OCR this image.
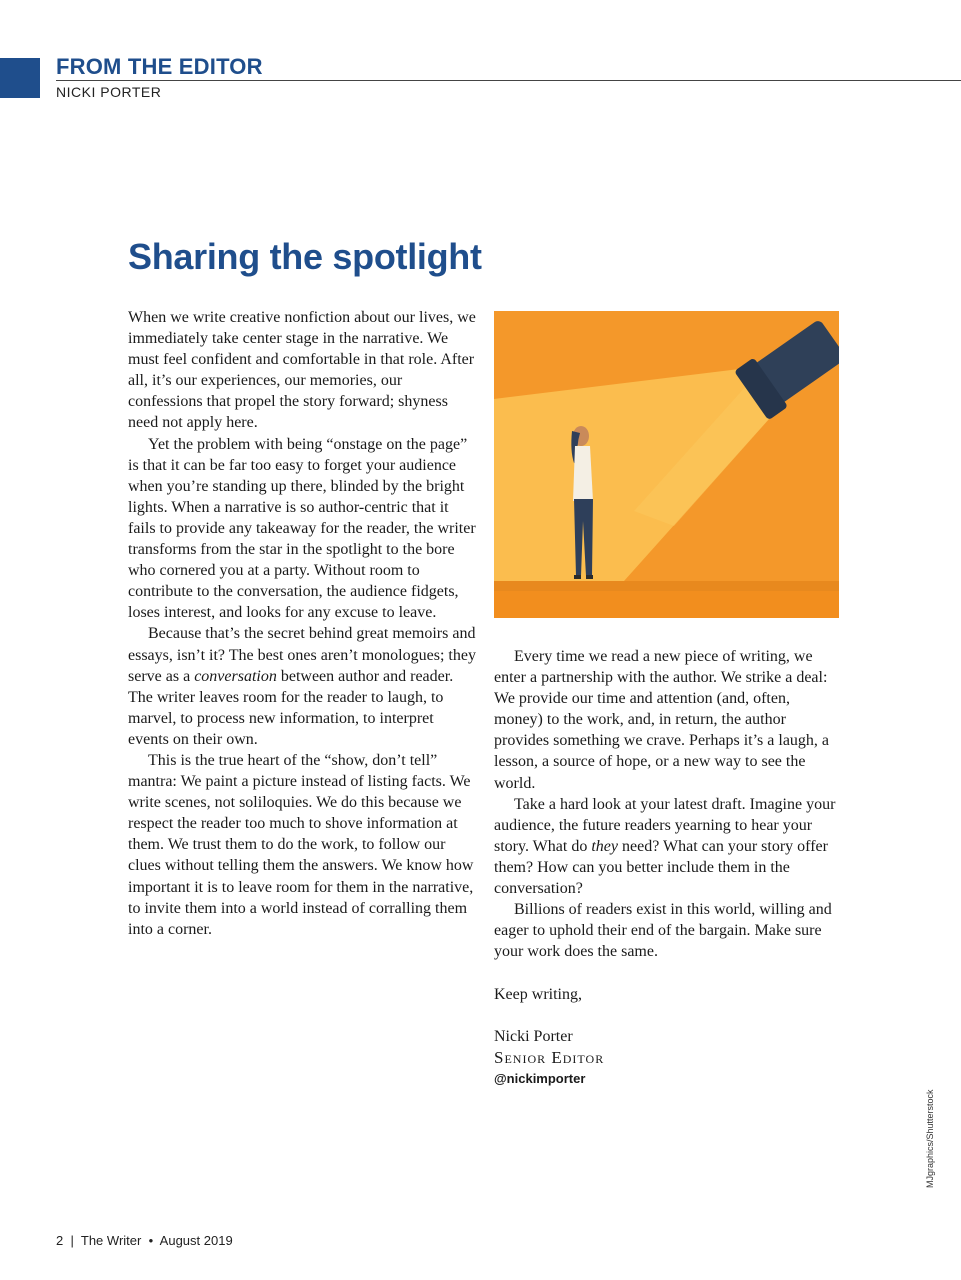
FROM THE EDITOR
NICKI PORTER
Sharing the spotlight

When we write creative nonfiction about our lives, we immediately take center stage in the narrative. We must feel confident and comfortable in that role. After all, it’s our experiences, our memories, our confessions that propel the story forward; shyness need not apply here.

Yet the problem with being “onstage on the page” is that it can be far too easy to forget your audience when you’re standing up there, blinded by the bright lights. When a narrative is so author-centric that it fails to provide any takeaway for the reader, the writer transforms from the star in the spotlight to the bore who cornered you at a party. Without room to contribute to the conversation, the audience fidgets, loses interest, and looks for any excuse to leave.

Because that’s the secret behind great memoirs and essays, isn’t it? The best ones aren’t monologues; they serve as a conversation between author and reader. The writer leaves room for the reader to laugh, to marvel, to process new information, to interpret events on their own.

This is the true heart of the “show, don’t tell” mantra: We paint a picture instead of listing facts. We write scenes, not soliloquies. We do this because we respect the reader too much to shove information at them. We trust them to do the work, to follow our clues without telling them the answers. We know how important it is to leave room for them in the narrative, to invite them into a world instead of corralling them into a corner.

Every time we read a new piece of writing, we enter a partnership with the author. We strike a deal: We provide our time and attention (and, often, money) to the work, and, in return, the author provides something we crave. Perhaps it’s a laugh, a lesson, a source of hope, or a new way to see the world.

Take a hard look at your latest draft. Imagine your audience, the future readers yearning to hear your story. What do they need? What can your story offer them? How can you better include them in the conversation?

Billions of readers exist in this world, willing and eager to uphold their end of the bargain. Make sure your work does the same.

Keep writing,

Nicki Porter

Senior Editor

@nickimporter

MJgraphics/Shutterstock
2 | The Writer • August 2019
